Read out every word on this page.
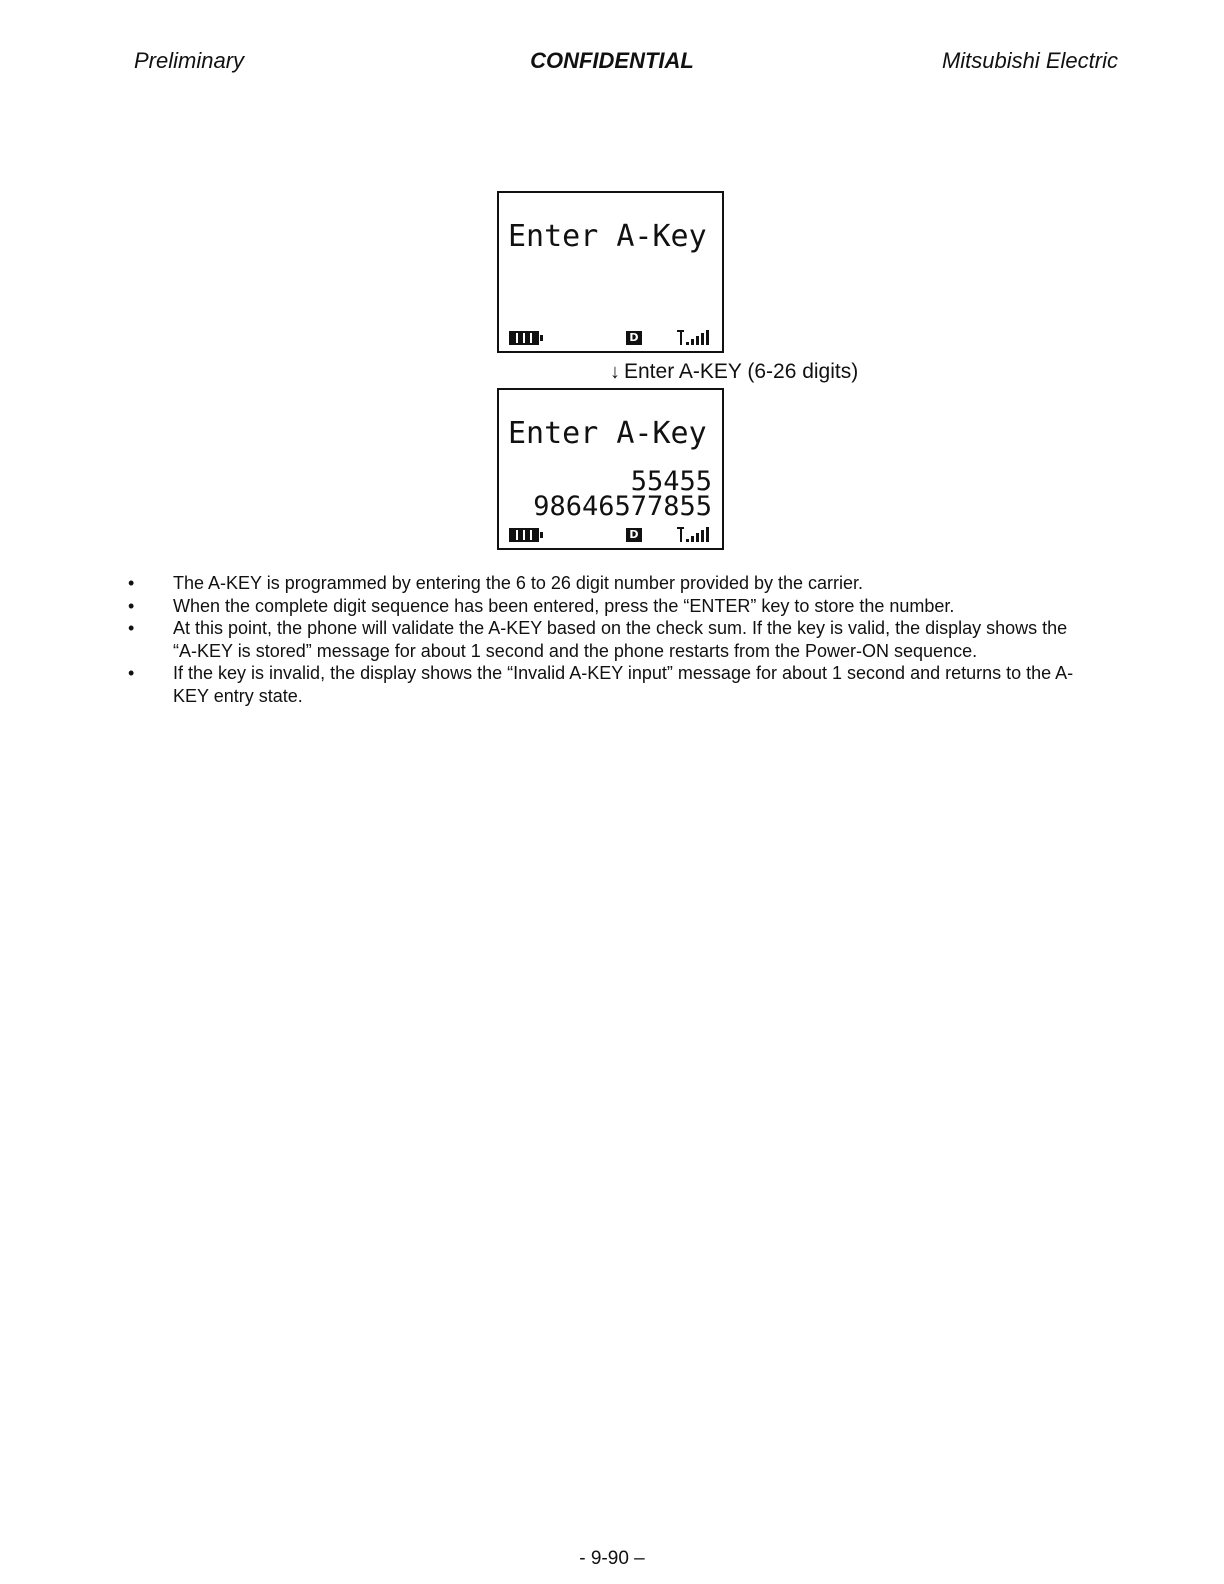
Preliminary	CONFIDENTIAL	Mitsubishi Electric
Enter A-Key
D
↓ Enter A-KEY (6-26 digits)
Enter A-Key
55455
98646577855
D
• The A-KEY is programmed by entering the 6 to 26 digit number provided by the carrier.
• When the complete digit sequence has been entered, press the “ENTER” key to store the number.
• At this point, the phone will validate the A-KEY based on the check sum. If the key is valid, the display shows the “A-KEY is stored” message for about 1 second and the phone restarts from the Power-ON sequence.
• If the key is invalid, the display shows the “Invalid A-KEY input” message for about 1 second and returns to the A-KEY entry state.
- 9-90 –
